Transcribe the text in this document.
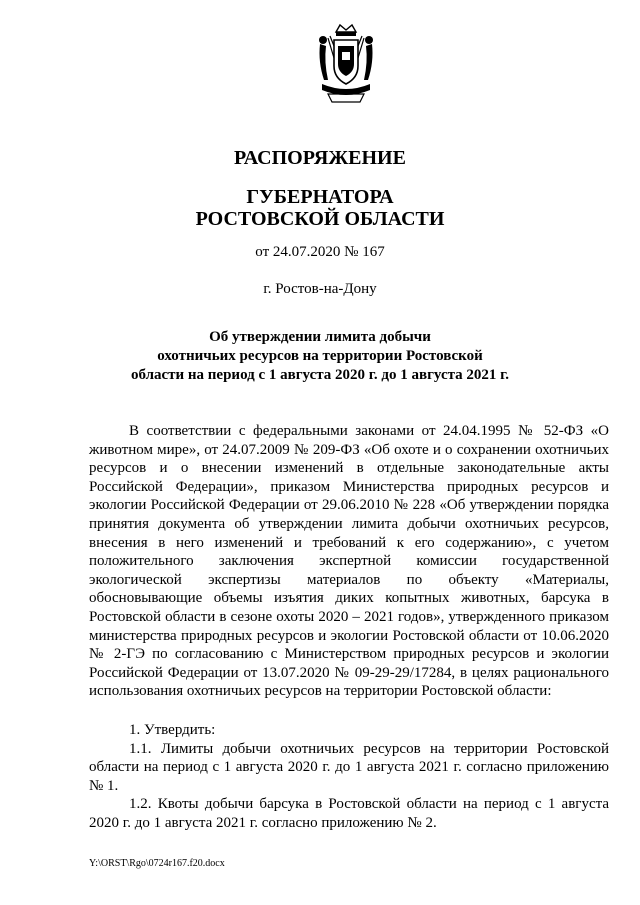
РАСПОРЯЖЕНИЕ
ГУБЕРНАТОРА
РОСТОВСКОЙ ОБЛАСТИ
от 24.07.2020 № 167
г. Ростов-на-Дону
Об утверждении лимита добычи
охотничьих ресурсов на территории Ростовской
области на период с 1 августа 2020 г. до 1 августа 2021 г.

В соответствии с федеральными законами от 24.04.1995 № 52-ФЗ «О животном мире», от 24.07.2009 № 209-ФЗ «Об охоте и о сохранении охотничьих ресурсов и о внесении изменений в отдельные законодательные акты Российской Федерации», приказом Министерства природных ресурсов и экологии Российской Федерации от 29.06.2010 № 228 «Об утверждении порядка принятия документа об утверждении лимита добычи охотничьих ресурсов, внесения в него изменений и требований к его содержанию», с учетом положительного заключения экспертной комиссии государственной экологической экспертизы материалов по объекту «Материалы, обосновывающие объемы изъятия диких копытных животных, барсука в Ростовской области в сезоне охоты 2020 – 2021 годов», утвержденного приказом министерства природных ресурсов и экологии Ростовской области от 10.06.2020 № 2-ГЭ по согласованию с Министерством природных ресурсов и экологии Российской Федерации от 13.07.2020 № 09-29-29/17284, в целях рационального использования охотничьих ресурсов на территории Ростовской области:

1. Утвердить:

1.1. Лимиты добычи охотничьих ресурсов на территории Ростовской области на период с 1 августа 2020 г. до 1 августа 2021 г. согласно приложению № 1.

1.2. Квоты добычи барсука в Ростовской области на период с 1 августа 2020 г. до 1 августа 2021 г. согласно приложению № 2.

Y:\ORST\Rgo\0724r167.f20.docx
